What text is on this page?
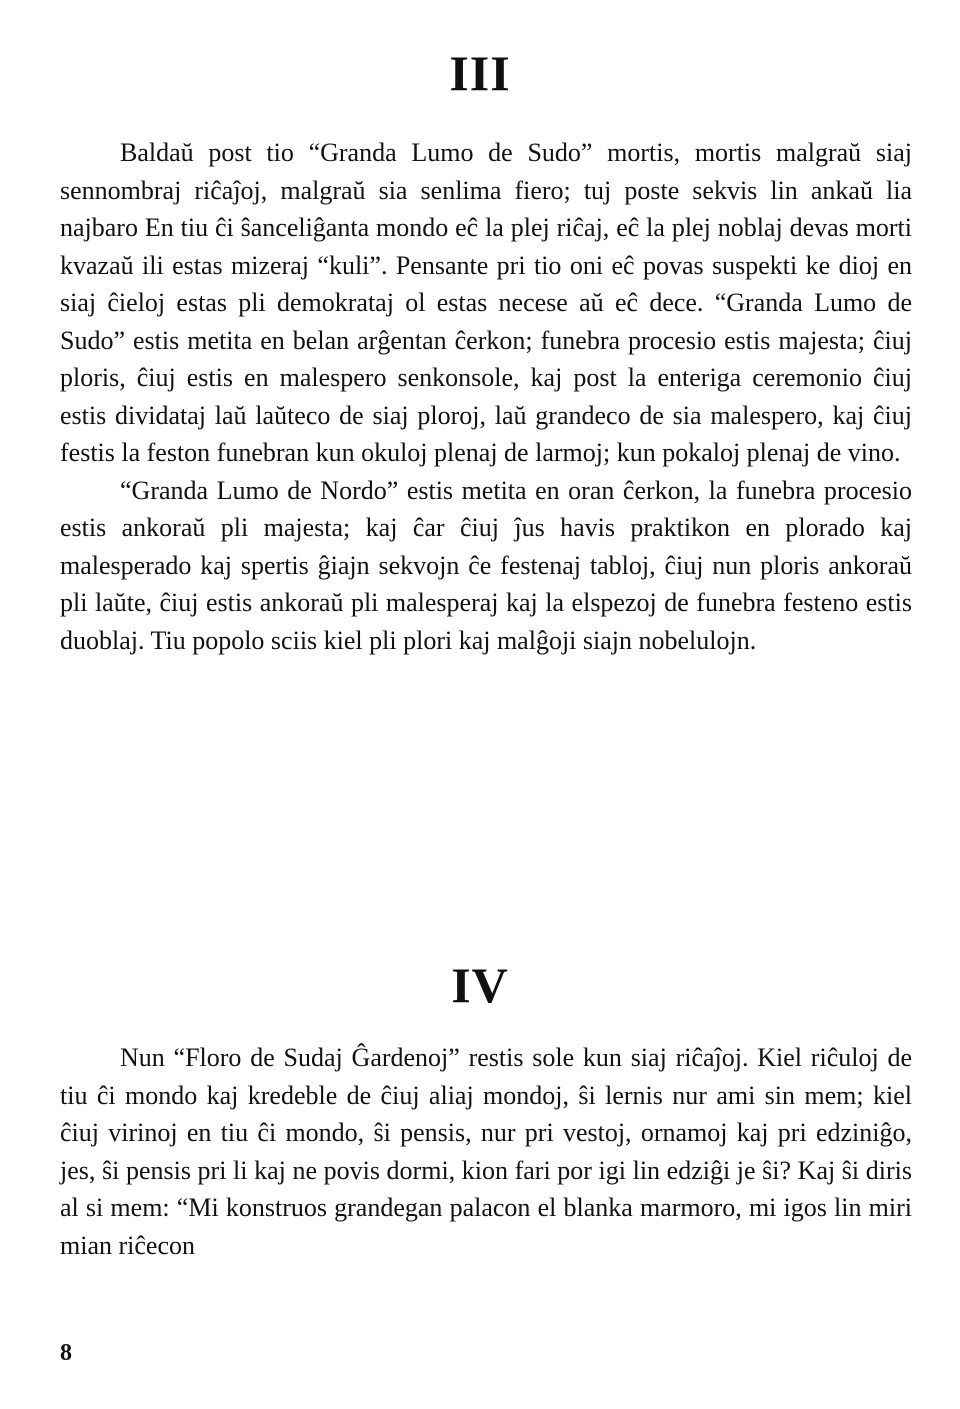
III

Baldaŭ post tio “Granda Lumo de Sudo” mortis, mortis malgraŭ siaj sennombraj riĉaĵoj, malgraŭ sia senlima fiero; tuj poste sekvis lin ankaŭ lia najbaro En tiu ĉi ŝanceliĝanta mondo eĉ la plej riĉaj, eĉ la plej noblaj devas morti kvazaŭ ili estas mizeraj “kuli”. Pensante pri tio oni eĉ povas suspekti ke dioj en siaj ĉieloj estas pli demokrataj ol estas necese aŭ eĉ dece. “Granda Lumo de Sudo” estis metita en belan arĝentan ĉerkon; funebra procesio estis majesta; ĉiuj ploris, ĉiuj estis en malespero senkonsole, kaj post la enteriga ceremonio ĉiuj estis dividataj laŭ laŭteco de siaj ploroj, laŭ grandeco de sia malespero, kaj ĉiuj festis la feston funebran kun okuloj plenaj de larmoj; kun pokaloj plenaj de vino.

“Granda Lumo de Nordo” estis metita en oran ĉerkon, la funebra procesio estis ankoraŭ pli majesta; kaj ĉar ĉiuj ĵus havis praktikon en plorado kaj malesperado kaj spertis ĝiajn sekvojn ĉe festenaj tabloj, ĉiuj nun ploris ankoraŭ pli laŭte, ĉiuj estis ankoraŭ pli malesperaj kaj la elspezoj de funebra festeno estis duoblaj. Tiu popolo sciis kiel pli plori kaj malĝoji siajn nobelulojn.

IV

Nun “Floro de Sudaj Ĝardenoj” restis sole kun siaj riĉaĵoj. Kiel riĉuloj de tiu ĉi mondo kaj kredeble de ĉiuj aliaj mondoj, ŝi lernis nur ami sin mem; kiel ĉiuj virinoj en tiu ĉi mondo, ŝi pensis, nur pri vestoj, ornamoj kaj pri edziniĝo, jes, ŝi pensis pri li kaj ne povis dormi, kion fari por igi lin edziĝi je ŝi? Kaj ŝi diris al si mem: “Mi konstruos grandegan palacon el blanka marmoro, mi igos lin miri mian riĉecon

8
